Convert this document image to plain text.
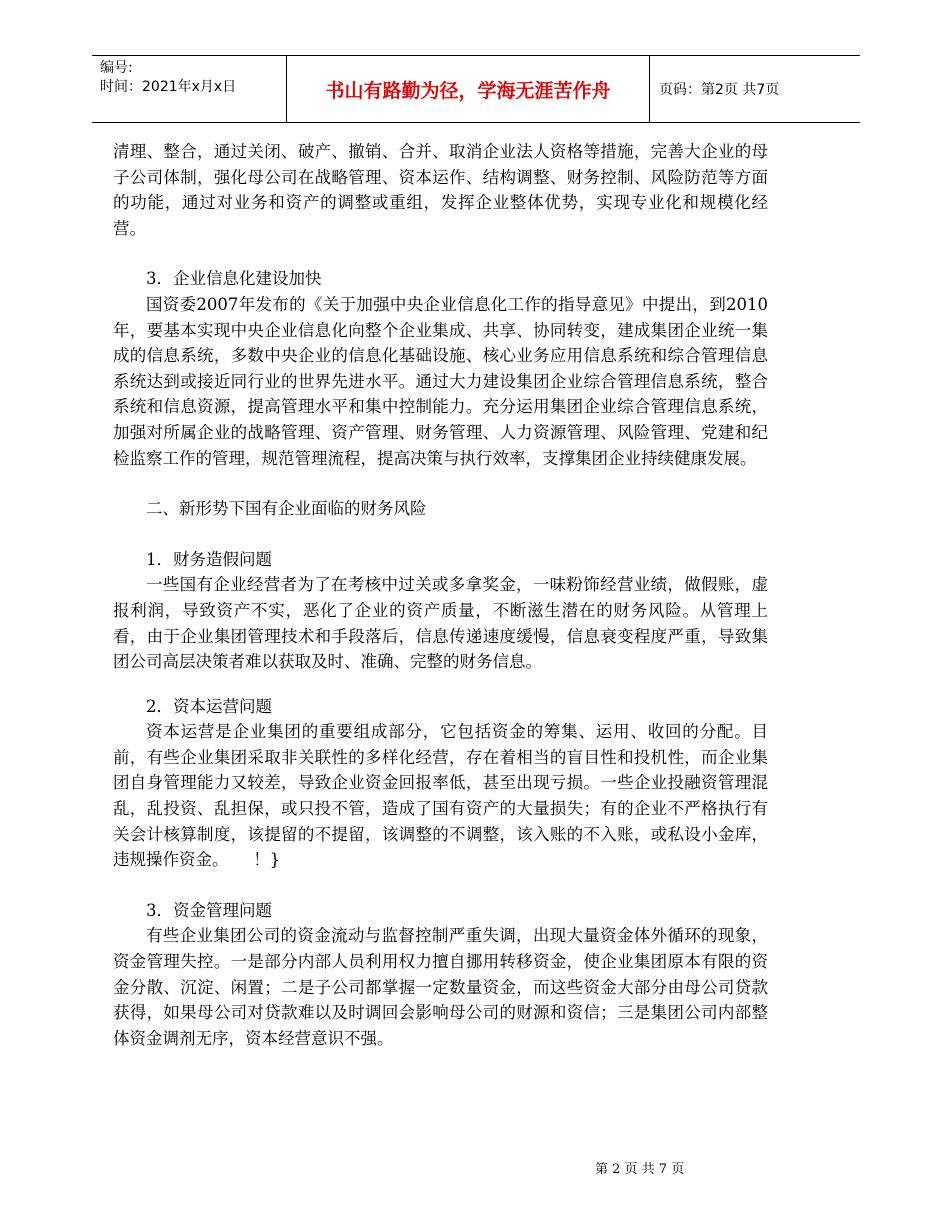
编号:
时间：2021年x月x日	书山有路勤为径，学海无涯苦作舟	页码：第2页 共7页

清理、整合，通过关闭、破产、撤销、合并、取消企业法人资格等措施，完善大企业的母子公司体制，强化母公司在战略管理、资本运作、结构调整、财务控制、风险防范等方面的功能，通过对业务和资产的调整或重组，发挥企业整体优势，实现专业化和规模化经营。

3．企业信息化建设加快

国资委2007年发布的《关于加强中央企业信息化工作的指导意见》中提出，到2010年，要基本实现中央企业信息化向整个企业集成、共享、协同转变，建成集团企业统一集成的信息系统，多数中央企业的信息化基础设施、核心业务应用信息系统和综合管理信息系统达到或接近同行业的世界先进水平。通过大力建设集团企业综合管理信息系统，整合系统和信息资源，提高管理水平和集中控制能力。充分运用集团企业综合管理信息系统，加强对所属企业的战略管理、资产管理、财务管理、人力资源管理、风险管理、党建和纪检监察工作的管理，规范管理流程，提高决策与执行效率，支撑集团企业持续健康发展。

二、新形势下国有企业面临的财务风险

1．财务造假问题

一些国有企业经营者为了在考核中过关或多拿奖金，一味粉饰经营业绩，做假账，虚报利润，导致资产不实，恶化了企业的资产质量，不断滋生潜在的财务风险。从管理上看，由于企业集团管理技术和手段落后，信息传递速度缓慢，信息衰变程度严重，导致集团公司高层决策者难以获取及时、准确、完整的财务信息。

2．资本运营问题

资本运营是企业集团的重要组成部分，它包括资金的筹集、运用、收回的分配。目前，有些企业集团采取非关联性的多样化经营，存在着相当的盲目性和投机性，而企业集团自身管理能力又较差，导致企业资金回报率低，甚至出现亏损。一些企业投融资管理混乱，乱投资、乱担保，或只投不管，造成了国有资产的大量损失；有的企业不严格执行有关会计核算制度，该提留的不提留，该调整的不调整，该入账的不入账，或私设小金库，违规操作资金。　　！}

3．资金管理问题

有些企业集团公司的资金流动与监督控制严重失调，出现大量资金体外循环的现象，资金管理失控。一是部分内部人员利用权力擅自挪用转移资金，使企业集团原本有限的资金分散、沉淀、闲置；二是子公司都掌握一定数量资金，而这些资金大部分由母公司贷款获得，如果母公司对贷款难以及时调回会影响母公司的财源和资信；三是集团公司内部整体资金调剂无序，资本经营意识不强。

第 2 页 共 7 页
